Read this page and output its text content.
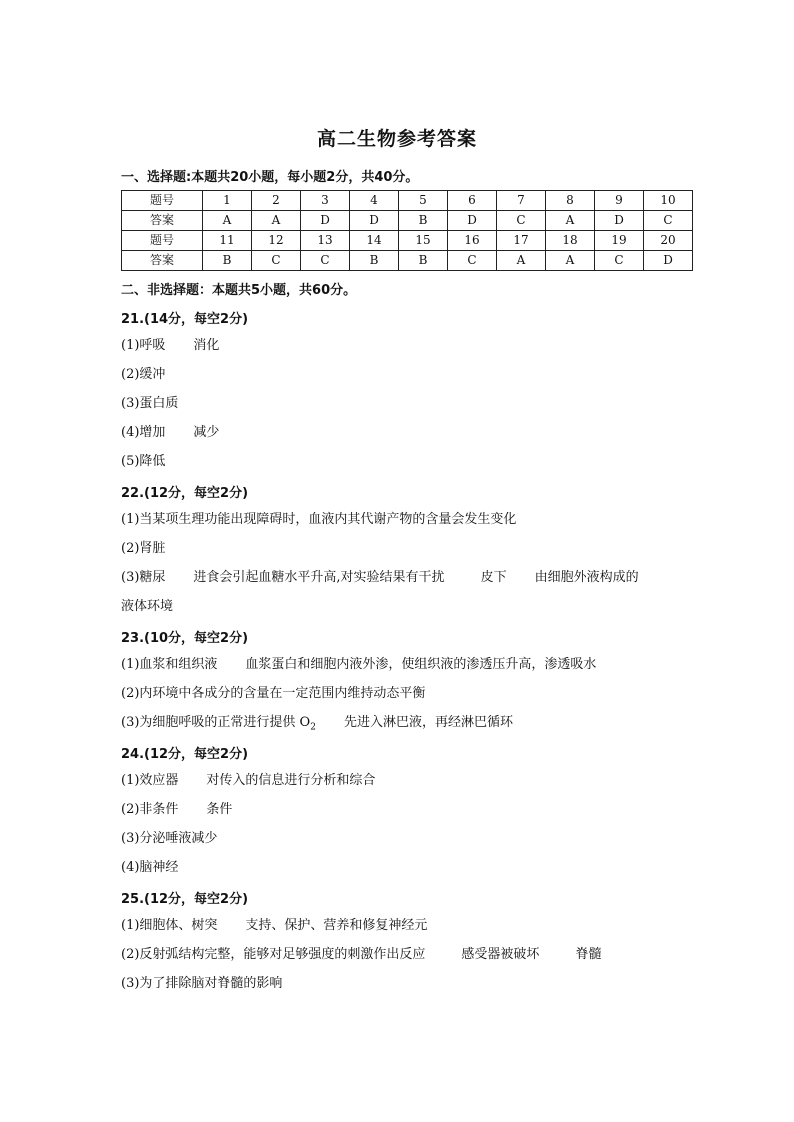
高二生物参考答案
一、选择题:本题共20小题，每小题2分，共40分。
题号	1	2	3	4	5	6	7	8	9	10
答案	A	A	D	D	B	D	C	A	D	C
题号	11	12	13	14	15	16	17	18	19	20
答案	B	C	C	B	B	C	A	A	C	D
二、非选择题：本题共5小题，共60分。
21.(14分，每空2分)
(1)呼吸 消化
(2)缓冲
(3)蛋白质
(4)增加 减少
(5)降低
22.(12分，每空2分)
(1)当某项生理功能出现障碍时，血液内其代谢产物的含量会发生变化
(2)肾脏
(3)糖尿 进食会引起血糖水平升高,对实验结果有干扰	皮下 由细胞外液构成的
液体环境
23.(10分，每空2分)
(1)血浆和组织液 血浆蛋白和细胞内液外渗，使组织液的渗透压升高，渗透吸水
(2)内环境中各成分的含量在一定范围内维持动态平衡
(3)为细胞呼吸的正常进行提供 $O_2$ 先进入淋巴液，再经淋巴循环
24.(12分，每空2分)
(1)效应器 对传入的信息进行分析和综合
(2)非条件 条件
(3)分泌唾液减少
(4)脑神经
25.(12分，每空2分)
(1)细胞体、树突 支持、保护、营养和修复神经元
(2)反射弧结构完整，能够对足够强度的刺激作出反应	感受器被破坏	脊髓
(3)为了排除脑对脊髓的影响
